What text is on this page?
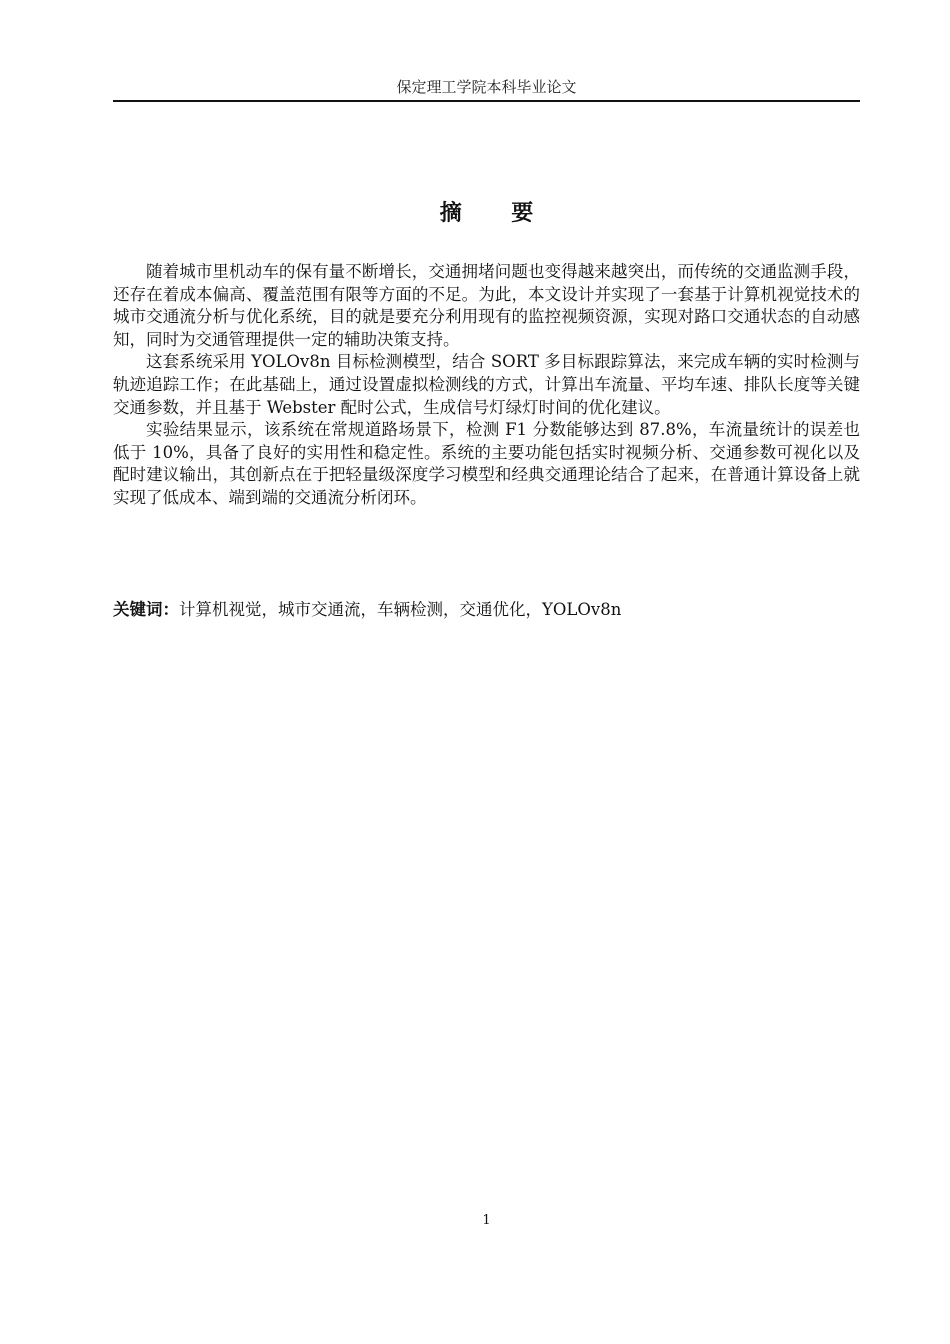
保定理工学院本科毕业论文
摘 要

随着城市里机动车的保有量不断增长，交通拥堵问题也变得越来越突出，而传统的交通监测手段，还存在着成本偏高、覆盖范围有限等方面的不足。为此，本文设计并实现了一套基于计算机视觉技术的城市交通流分析与优化系统，目的就是要充分利用现有的监控视频资源，实现对路口交通状态的自动感知，同时为交通管理提供一定的辅助决策支持。

这套系统采用 YOLOv8n 目标检测模型，结合 SORT 多目标跟踪算法，来完成车辆的实时检测与轨迹追踪工作；在此基础上，通过设置虚拟检测线的方式，计算出车流量、平均车速、排队长度等关键交通参数，并且基于 Webster 配时公式，生成信号灯绿灯时间的优化建议。

实验结果显示，该系统在常规道路场景下，检测 F1 分数能够达到 87.8%，车流量统计的误差也低于 10%，具备了良好的实用性和稳定性。系统的主要功能包括实时视频分析、交通参数可视化以及配时建议输出，其创新点在于把轻量级深度学习模型和经典交通理论结合了起来，在普通计算设备上就实现了低成本、端到端的交通流分析闭环。

关键词：计算机视觉，城市交通流，车辆检测，交通优化，YOLOv8n
1
